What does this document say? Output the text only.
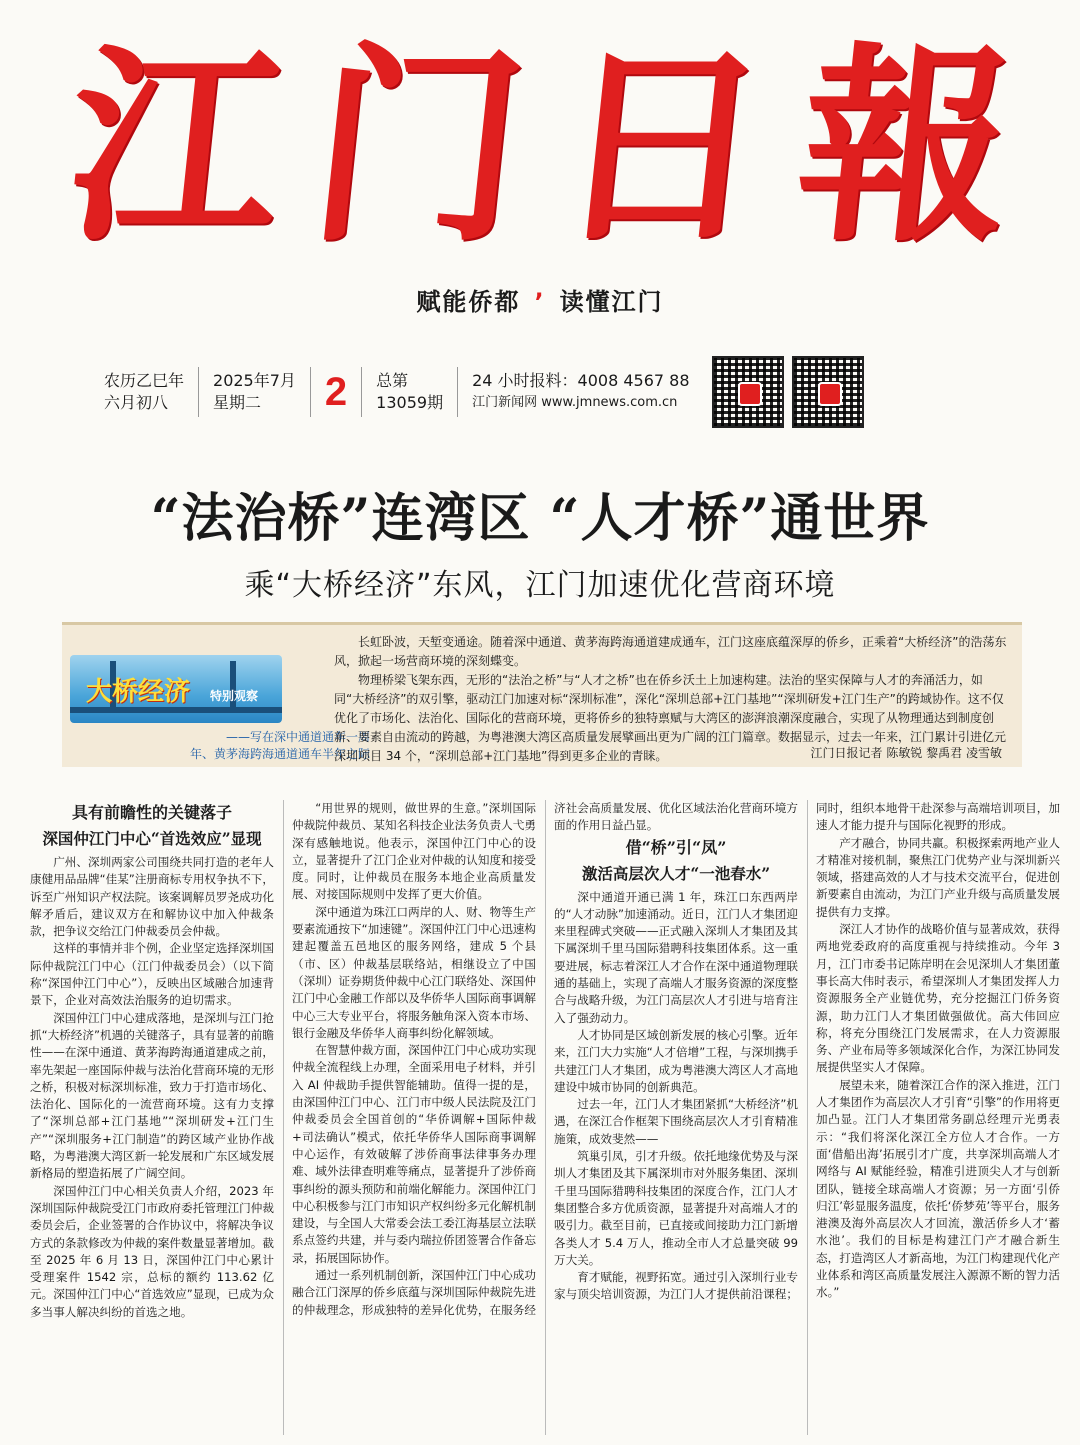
江 门 日 報
赋能侨都 ’ 读懂江门
农历乙巳年
六月初八
2025年7月
星期二	2	总第
13059期
24 小时报料：4008 4567 88
江门新闻网 www.jmnews.com.cn
“法治桥”连湾区 “人才桥”通世界
乘“大桥经济”东风，江门加速优化营商环境
大桥经济 特别观察
——写在深中通道通车一周
年、黄茅海跨海通道通车半年之际

长虹卧波，天堑变通途。随着深中通道、黄茅海跨海通道建成通车，江门这座底蕴深厚的侨乡，正乘着“大桥经济”的浩荡东风，掀起一场营商环境的深刻蝶变。

物理桥梁飞架东西，无形的“法治之桥”与“人才之桥”也在侨乡沃土上加速构建。法治的坚实保障与人才的奔涌活力，如同“大桥经济”的双引擎，驱动江门加速对标“深圳标准”，深化“深圳总部+江门基地”“深圳研发+江门生产”的跨域协作。这不仅优化了市场化、法治化、国际化的营商环境，更将侨乡的独特禀赋与大湾区的澎湃浪潮深度融合，实现了从物理通达到制度创新、要素自由流动的跨越，为粤港澳大湾区高质量发展擘画出更为广阔的江门篇章。数据显示，过去一年来，江门累计引进亿元深圳项目 34 个，“深圳总部+江门基地”得到更多企业的青睐。	江门日报记者 陈敏锐 黎禹君 凌雪敏
具有前瞻性的关键落子
深国仲江门中心“首选效应”显现

广州、深圳两家公司围绕共同打造的老年人康健用品品牌“佳某”注册商标专用权争执不下，诉至广州知识产权法院。该案调解员罗尧成功化解矛盾后，建议双方在和解协议中加入仲裁条款，把争议交给江门仲裁委员会仲裁。

这样的事情并非个例，企业坚定选择深圳国际仲裁院江门中心（江门仲裁委员会）（以下简称“深国仲江门中心”），反映出区域融合加速背景下，企业对高效法治服务的迫切需求。

深国仲江门中心建成落地，是深圳与江门抢抓“大桥经济”机遇的关键落子，具有显著的前瞻性——在深中通道、黄茅海跨海通道建成之前，率先架起一座国际仲裁与法治化营商环境的无形之桥，积极对标深圳标准，致力于打造市场化、法治化、国际化的一流营商环境。这有力支撑了“深圳总部+江门基地”“深圳研发+江门生产”“深圳服务+江门制造”的跨区域产业协作战略，为粤港澳大湾区新一轮发展和广东区域发展新格局的塑造拓展了广阔空间。

深国仲江门中心相关负责人介绍，2023 年深圳国际仲裁院受江门市政府委托管理江门仲裁委员会后，企业签署的合作协议中，将解决争议方式的条款修改为仲裁的案件数量显著增加。截至 2025 年 6 月 13 日，深国仲江门中心累计受理案件 1542 宗，总标的额约 113.62 亿元。深国仲江门中心“首选效应”显现，已成为众多当事人解决纠纷的首选之地。

“用世界的规则，做世界的生意。”深圳国际仲裁院仲裁员、某知名科技企业法务负责人弋勇深有感触地说。他表示，深国仲江门中心的设立，显著提升了江门企业对仲裁的认知度和接受度。同时，让仲裁员在服务本地企业高质量发展、对接国际规则中发挥了更大价值。

深中通道为珠江口两岸的人、财、物等生产要素流通按下“加速键”。深国仲江门中心迅速构建起覆盖五邑地区的服务网络，建成 5 个县（市、区）仲裁基层联络站，相继设立了中国（深圳）证券期货仲裁中心江门联络处、深国仲江门中心金融工作部以及华侨华人国际商事调解中心三大专业平台，将服务触角深入资本市场、银行金融及华侨华人商事纠纷化解领域。

在智慧仲裁方面，深国仲江门中心成功实现仲裁全流程线上办理，全面采用电子材料，并引入 AI 仲裁助手提供智能辅助。值得一提的是，由深国仲江门中心、江门市中级人民法院及江门仲裁委员会全国首创的“华侨调解+国际仲裁+司法确认”模式，依托华侨华人国际商事调解中心运作，有效破解了涉侨商事法律事务办理难、域外法律查明难等痛点，显著提升了涉侨商事纠纷的源头预防和前端化解能力。深国仲江门中心积极参与江门市知识产权纠纷多元化解机制建设，与全国人大常委会法工委江海基层立法联系点签约共建，并与委内瑞拉侨团签署合作备忘录，拓展国际协作。

通过一系列机制创新，深国仲江门中心成功融合江门深厚的侨乡底蕴与深圳国际仲裁院先进的仲裁理念，形成独特的差异化优势，在服务经济社会高质量发展、优化区域法治化营商环境方面的作用日益凸显。

借“桥”引“凤”
激活高层次人才“一池春水”

深中通道开通已满 1 年，珠江口东西两岸的“人才动脉”加速涌动。近日，江门人才集团迎来里程碑式突破——正式融入深圳人才集团及其下属深圳千里马国际猎聘科技集团体系。这一重要进展，标志着深江人才合作在深中通道物理联通的基础上，实现了高端人才服务资源的深度整合与战略升级，为江门高层次人才引进与培育注入了强劲动力。

人才协同是区域创新发展的核心引擎。近年来，江门大力实施“人才倍增”工程，与深圳携手共建江门人才集团，成为粤港澳大湾区人才高地建设中城市协同的创新典范。

过去一年，江门人才集团紧抓“大桥经济”机遇，在深江合作框架下围绕高层次人才引育精准施策，成效斐然——

筑巢引凤，引才升级。依托地缘优势及与深圳人才集团及其下属深圳市对外服务集团、深圳千里马国际猎聘科技集团的深度合作，江门人才集团整合多方优质资源，显著提升对高端人才的吸引力。截至目前，已直接或间接助力江门新增各类人才 5.4 万人，推动全市人才总量突破 99 万大关。

育才赋能，视野拓宽。通过引入深圳行业专家与顶尖培训资源，为江门人才提供前沿课程；同时，组织本地骨干赴深参与高端培训项目，加速人才能力提升与国际化视野的形成。

产才融合，协同共赢。积极探索两地产业人才精准对接机制，聚焦江门优势产业与深圳新兴领域，搭建高效的人才与技术交流平台，促进创新要素自由流动，为江门产业升级与高质量发展提供有力支撑。

深江人才协作的战略价值与显著成效，获得两地党委政府的高度重视与持续推动。今年 3 月，江门市委书记陈岸明在会见深圳人才集团董事长高大伟时表示，希望深圳人才集团发挥人力资源服务全产业链优势，充分挖掘江门侨务资源，助力江门人才集团做强做优。高大伟回应称，将充分围绕江门发展需求，在人力资源服务、产业布局等多领域深化合作，为深江协同发展提供坚实人才保障。

展望未来，随着深江合作的深入推进，江门人才集团作为高层次人才引育“引擎”的作用将更加凸显。江门人才集团常务副总经理亓光勇表示：“我们将深化深江全方位人才合作。一方面‘借船出海’拓展引才广度，共享深圳高端人才网络与 AI 赋能经验，精准引进顶尖人才与创新团队，链接全球高端人才资源；另一方面‘引侨归江’彰显服务温度，依托‘侨梦苑’等平台，服务港澳及海外高层次人才回流，激活侨乡人才‘蓄水池’。我们的目标是构建江门产才融合新生态，打造湾区人才新高地，为江门构建现代化产业体系和湾区高质量发展注入源源不断的智力活水。”
